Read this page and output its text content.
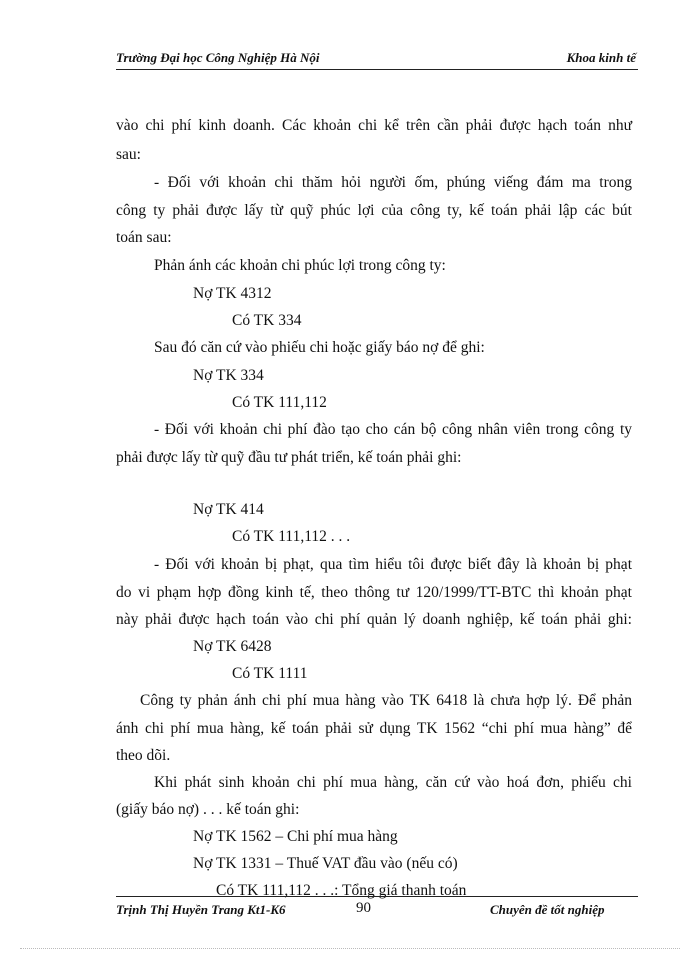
Trường Đại học Công Nghiệp Hà Nội	Khoa kinh tế
vào chi phí kinh doanh. Các khoản chi kể trên cần phải được hạch toán như
sau:
- Đối với khoản chi thăm hỏi người ốm, phúng viếng đám ma trong
công ty phải được lấy từ quỹ phúc lợi của công ty, kế toán phải lập các bút
toán sau:
Phản ánh các khoản chi phúc lợi trong công ty:
Nợ TK 4312
Có TK 334
Sau đó căn cứ vào phiếu chi hoặc giấy báo nợ để ghi:
Nợ TK 334
Có TK 111,112
- Đối với khoản chi phí đào tạo cho cán bộ công nhân viên trong công ty
phải được lấy từ quỹ đầu tư phát triển, kế toán phải ghi:
Nợ TK 414
Có TK 111,112 . . .
- Đối với khoản bị phạt, qua tìm hiểu tôi được biết đây là khoản bị phạt
do vi phạm hợp đồng kinh tế, theo thông tư 120/1999/TT-BTC thì khoản phạt
này phải được hạch toán vào chi phí quản lý doanh nghiệp, kế toán phải ghi:
Nợ TK 6428
Có TK 1111
Công ty phản ánh chi phí mua hàng vào TK 6418 là chưa hợp lý. Để phản
ánh chi phí mua hàng, kế toán phải sử dụng TK 1562 “chi phí mua hàng” để
theo dõi.
Khi phát sinh khoản chi phí mua hàng, căn cứ vào hoá đơn, phiếu chi
(giấy báo nợ) . . . kế toán ghi:
Nợ TK 1562 – Chi phí mua hàng
Nợ TK 1331 – Thuế VAT đầu vào (nếu có)
Có TK 111,112 . . .: Tổng giá thanh toán
Trịnh Thị Huyền Trang Kt1-K6	90	Chuyên đề tốt nghiệp
